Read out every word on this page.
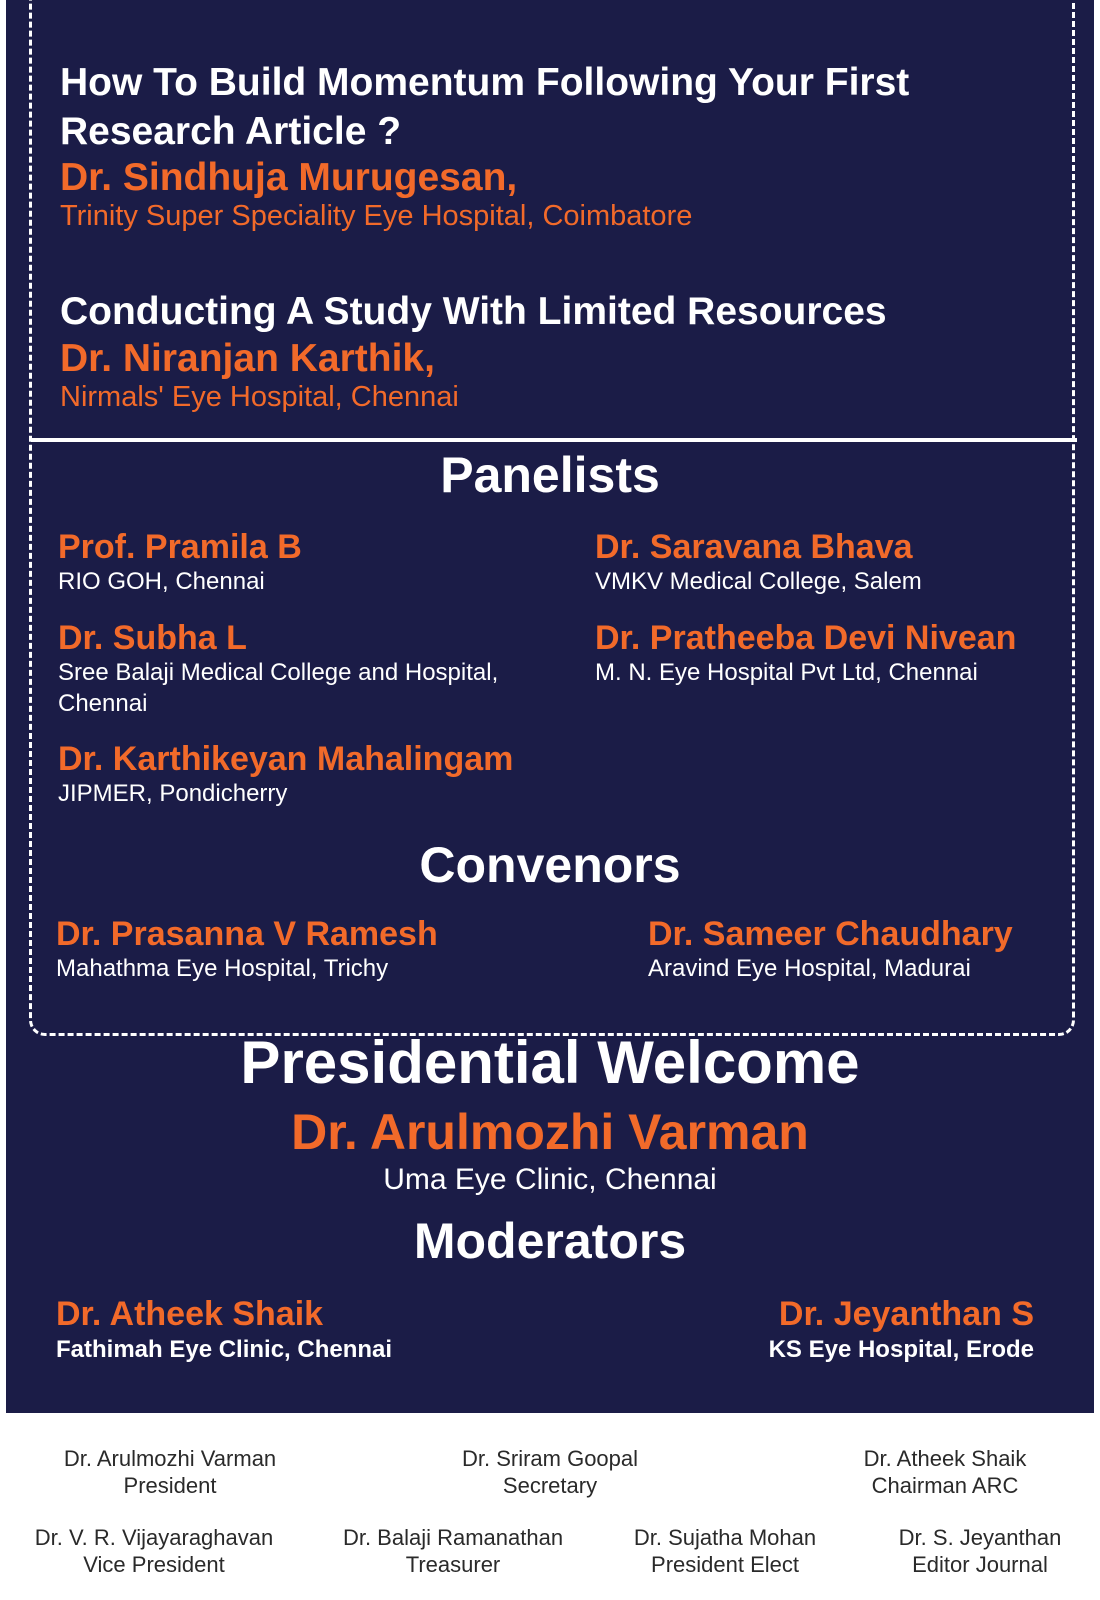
How To Build Momentum Following Your First Research Article ?
Dr. Sindhuja Murugesan,
Trinity Super Speciality Eye Hospital, Coimbatore
Conducting A Study With Limited Resources
Dr. Niranjan Karthik,
Nirmals' Eye Hospital, Chennai
Panelists
Prof. Pramila B
RIO GOH, Chennai
Dr. Saravana Bhava
VMKV Medical College, Salem
Dr. Subha L
Sree Balaji Medical College and Hospital, Chennai
Dr. Pratheeba Devi Nivean
M. N. Eye Hospital Pvt Ltd, Chennai
Dr. Karthikeyan Mahalingam
JIPMER, Pondicherry
Convenors
Dr. Prasanna V Ramesh
Mahathma Eye Hospital, Trichy
Dr. Sameer Chaudhary
Aravind Eye Hospital, Madurai
Presidential Welcome
Dr. Arulmozhi Varman
Uma Eye Clinic, Chennai
Moderators
Dr. Atheek Shaik
Fathimah Eye Clinic, Chennai
Dr. Jeyanthan S
KS Eye Hospital, Erode
Dr. Arulmozhi Varman
President
Dr. Sriram Goopal
Secretary
Dr. Atheek Shaik
Chairman ARC
Dr. V. R. Vijayaraghavan
Vice President
Dr. Balaji Ramanathan
Treasurer
Dr. Sujatha Mohan
President Elect
Dr. S. Jeyanthan
Editor Journal
